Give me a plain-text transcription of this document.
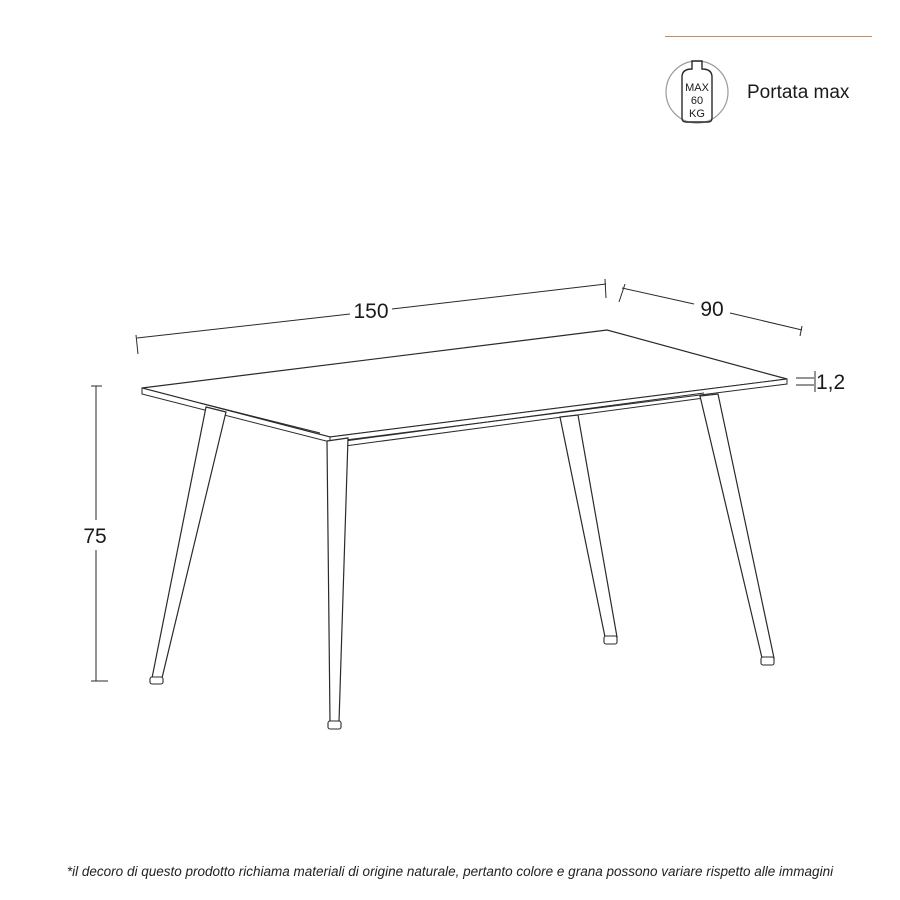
MAX
60
KG
150	90
75
1,2
Portata max
*il decoro di questo prodotto richiama materiali di origine naturale, pertanto colore e grana possono variare rispetto alle immagini
